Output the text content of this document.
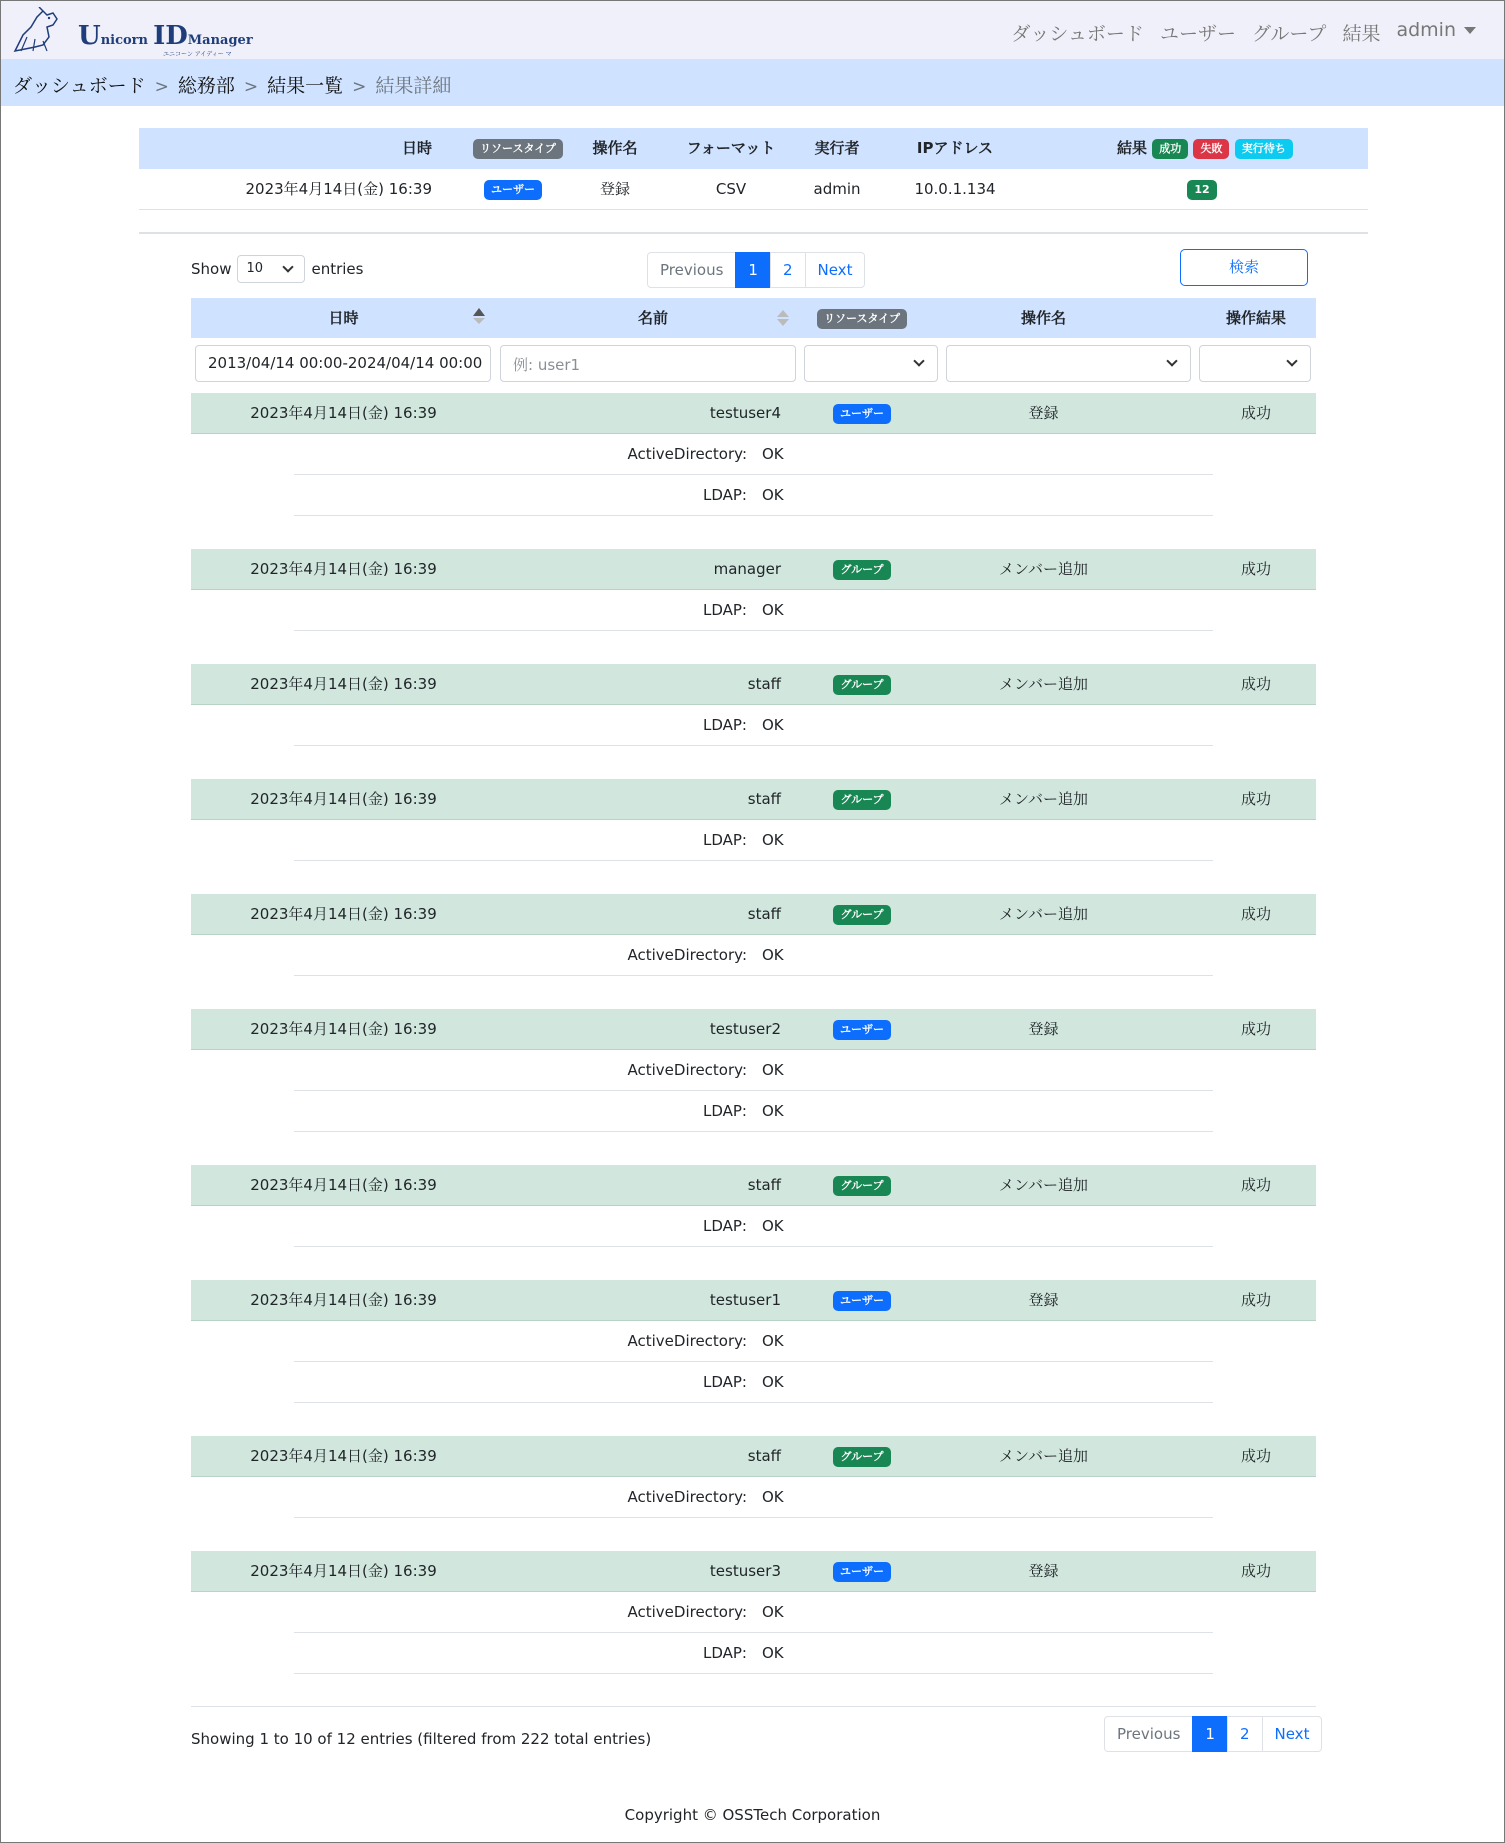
Unicorn IDManager
ユニコーン アイディー マ
ダッシュボード ユーザー グループ 結果 admin
ダッシュボード > 総務部 > 結果一覧 > 結果詳細
日時	リソースタイプ	操作名	フォーマット	実行者	IPアドレス	結果 成功 失敗 実行待ち
2023年4月14日(金) 16:39	ユーザー	登録	CSV	admin	10.0.1.134	12
Show	10	entries	Previous	1	2	Next	検索
日時	名前	リソースタイプ	操作名	操作結果
2013/04/14 00:00-2024/04/14 00:00	例: user1
2023年4月14日(金) 16:39	testuser4	ユーザー	登録	成功
ActiveDirectory: OK
LDAP: OK
2023年4月14日(金) 16:39	manager	グループ	メンバー追加	成功
LDAP: OK
2023年4月14日(金) 16:39	staff	グループ	メンバー追加	成功
LDAP: OK
2023年4月14日(金) 16:39	staff	グループ	メンバー追加	成功
LDAP: OK
2023年4月14日(金) 16:39	staff	グループ	メンバー追加	成功
ActiveDirectory: OK
2023年4月14日(金) 16:39	testuser2	ユーザー	登録	成功
ActiveDirectory: OK
LDAP: OK
2023年4月14日(金) 16:39	staff	グループ	メンバー追加	成功
LDAP: OK
2023年4月14日(金) 16:39	testuser1	ユーザー	登録	成功
ActiveDirectory: OK
LDAP: OK
2023年4月14日(金) 16:39	staff	グループ	メンバー追加	成功
ActiveDirectory: OK
2023年4月14日(金) 16:39	testuser3	ユーザー	登録	成功
ActiveDirectory: OK
LDAP: OK
Showing 1 to 10 of 12 entries (filtered from 222 total entries)	Previous	1	2	Next
Copyright © OSSTech Corporation
